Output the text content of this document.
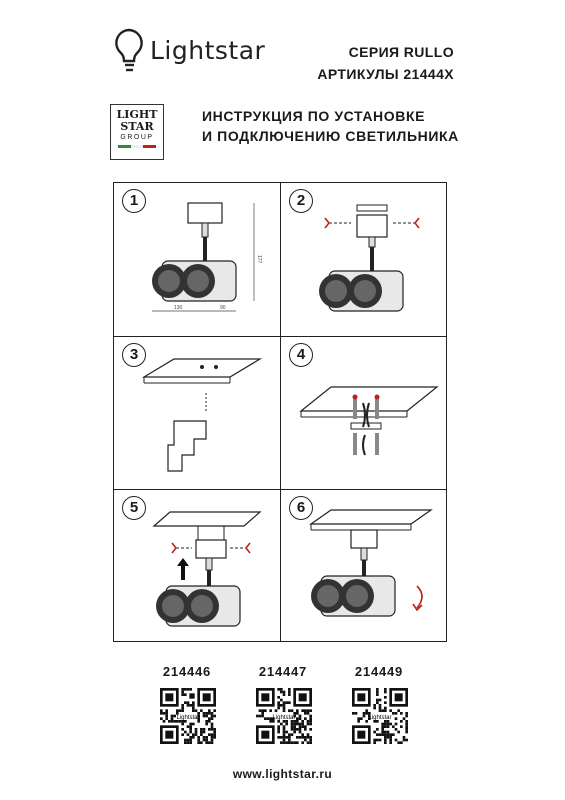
Lightstar	СЕРИЯ RULLO
АРТИКУЛЫ 21444X
LIGHT
STAR
GROUP
ИНСТРУКЦИЯ ПО УСТАНОВКЕ
И ПОДКЛЮЧЕНИЮ СВЕТИЛЬНИКА
1
177
130	90
2
3	4
5	6
214446	214447	214449
Lightstar	Lightstar	Lightstar
www.lightstar.ru
